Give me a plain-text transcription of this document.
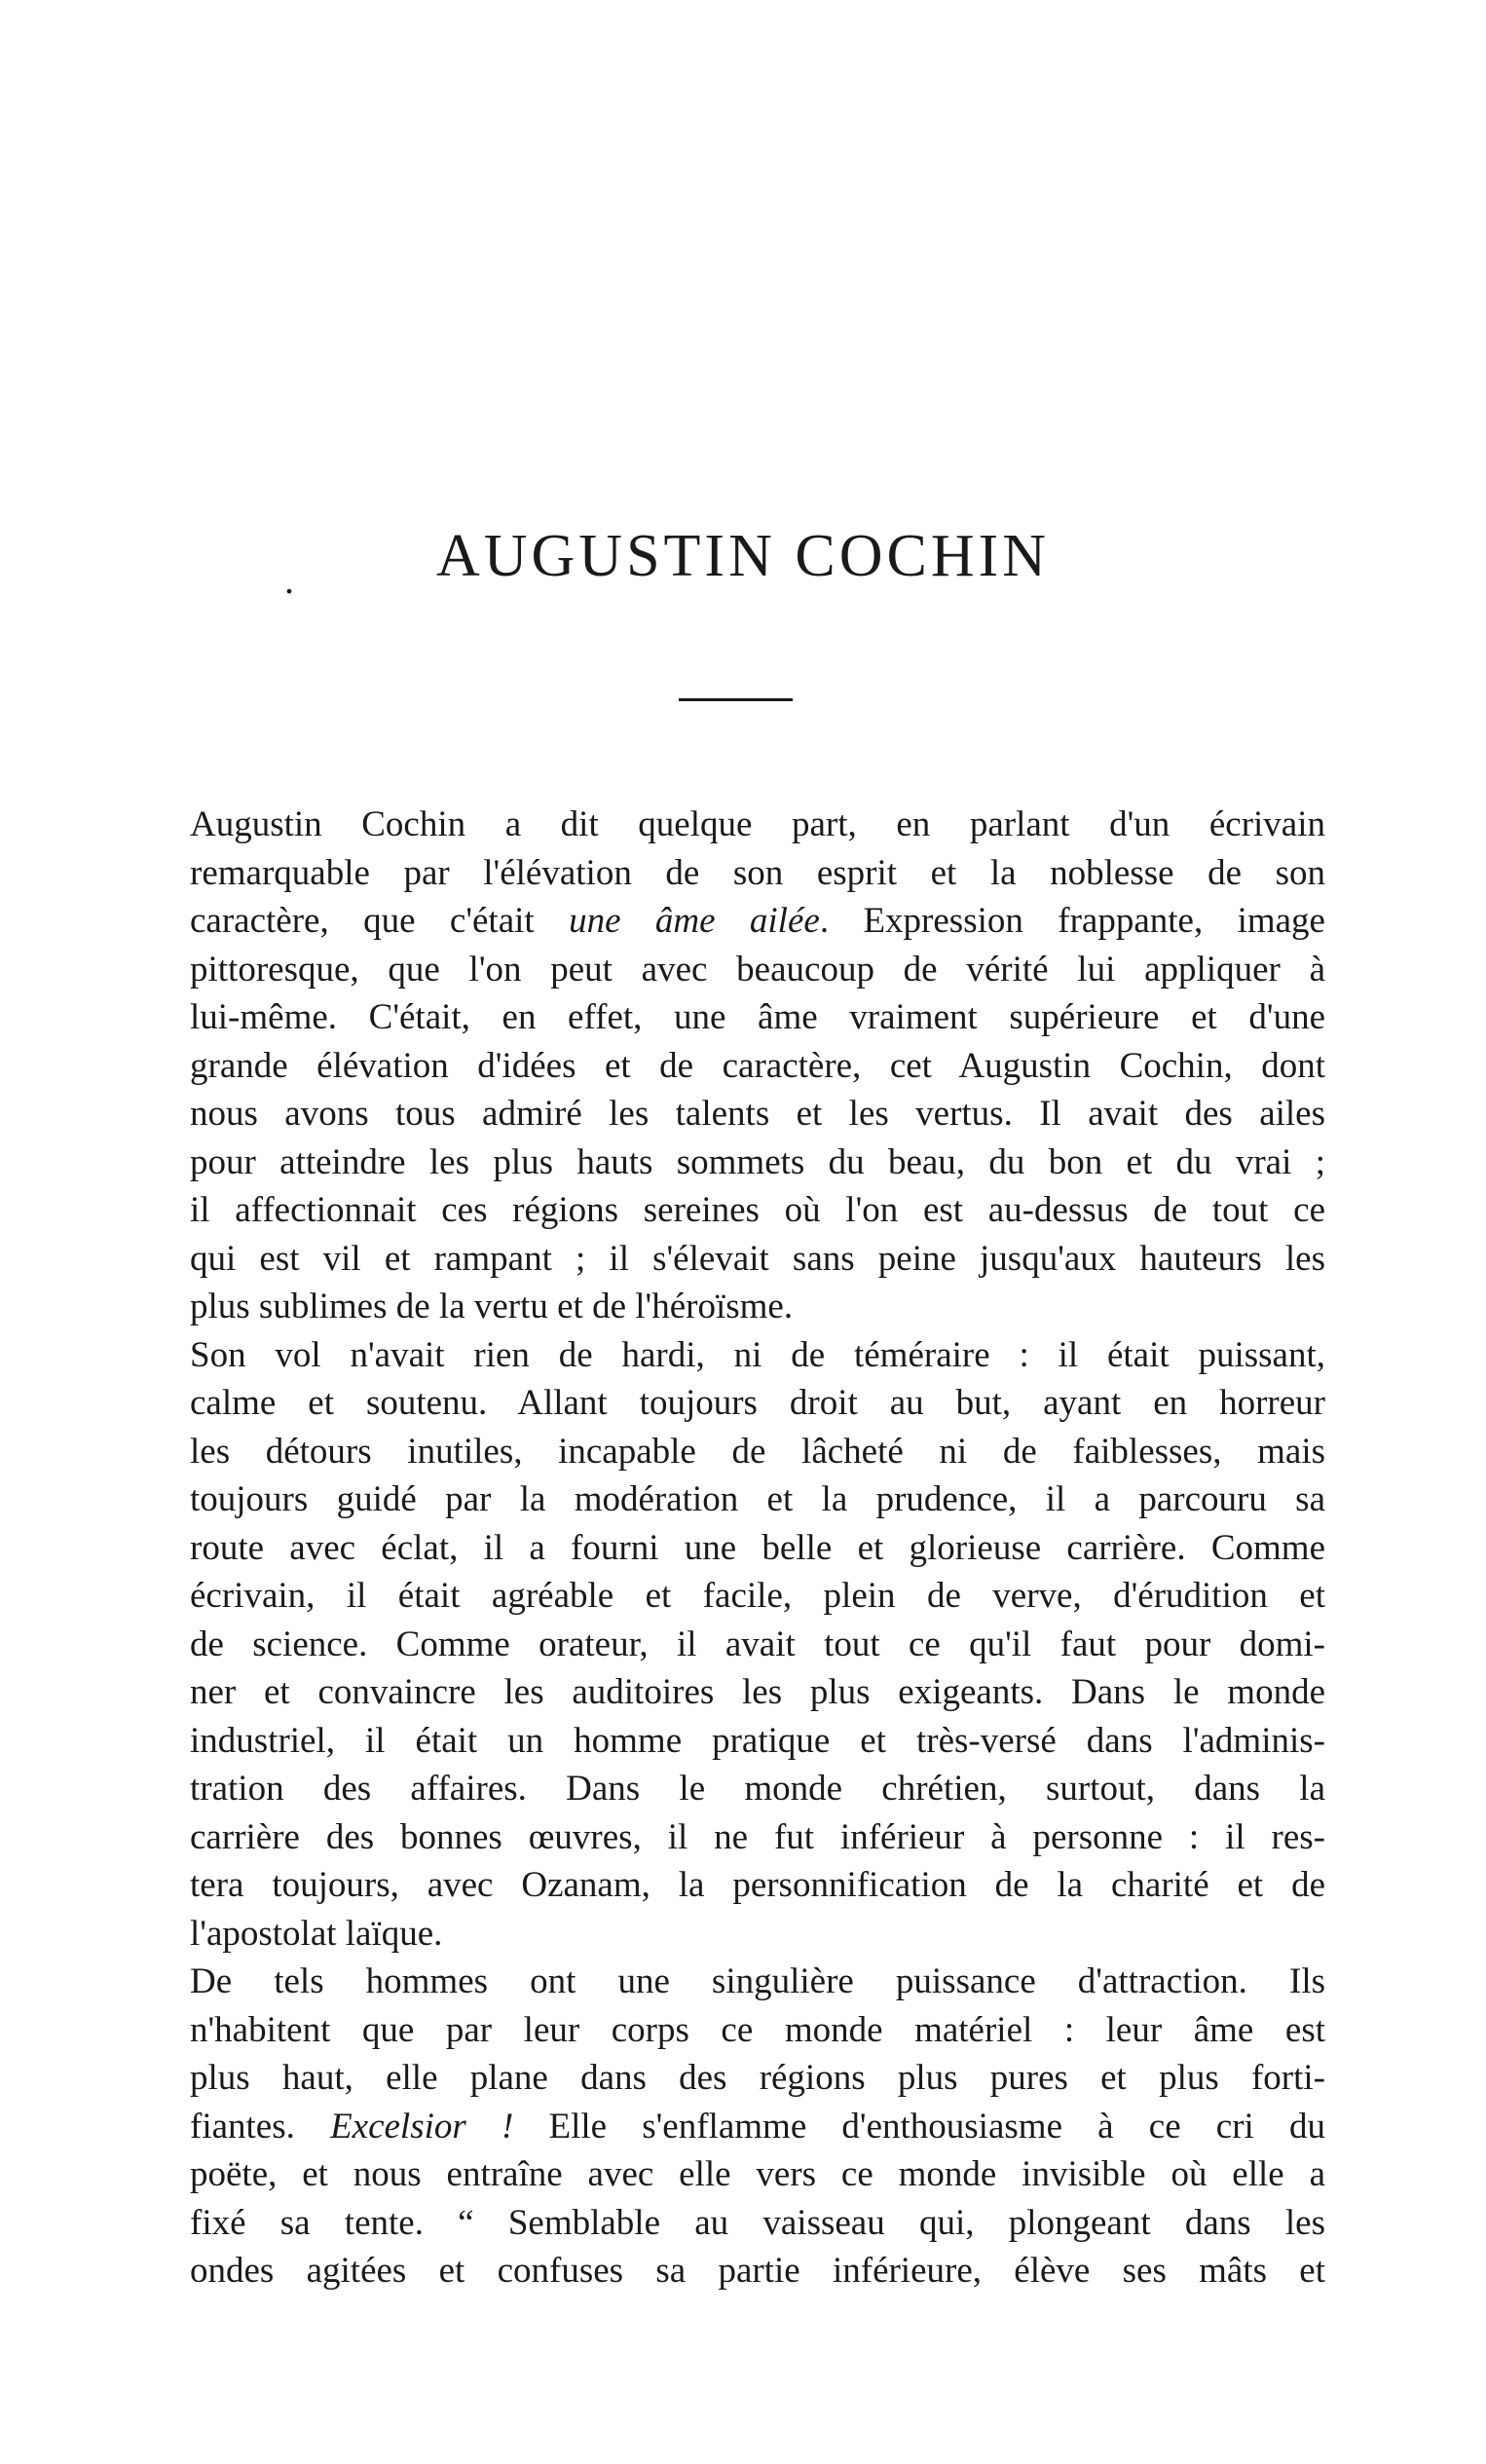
.	AUGUSTIN COCHIN

Augustin Cochin a dit quelque part, en parlant d'un écrivain
remarquable par l'élévation de son esprit et la noblesse de son
caractère, que c'était une âme ailée. Expression frappante, image
pittoresque, que l'on peut avec beaucoup de vérité lui appliquer à
lui-même. C'était, en effet, une âme vraiment supérieure et d'une
grande élévation d'idées et de caractère, cet Augustin Cochin, dont
nous avons tous admiré les talents et les vertus. Il avait des ailes
pour atteindre les plus hauts sommets du beau, du bon et du vrai ;
il affectionnait ces régions sereines où l'on est au-dessus de tout ce
qui est vil et rampant ; il s'élevait sans peine jusqu'aux hauteurs les
plus sublimes de la vertu et de l'héroïsme.

Son vol n'avait rien de hardi, ni de téméraire : il était puissant,
calme et soutenu. Allant toujours droit au but, ayant en horreur
les détours inutiles, incapable de lâcheté ni de faiblesses, mais
toujours guidé par la modération et la prudence, il a parcouru sa
route avec éclat, il a fourni une belle et glorieuse carrière. Comme
écrivain, il était agréable et facile, plein de verve, d'érudition et
de science. Comme orateur, il avait tout ce qu'il faut pour domi-
ner et convaincre les auditoires les plus exigeants. Dans le monde
industriel, il était un homme pratique et très-versé dans l'adminis-
tration des affaires. Dans le monde chrétien, surtout, dans la
carrière des bonnes œuvres, il ne fut inférieur à personne : il res-
tera toujours, avec Ozanam, la personnification de la charité et de
l'apostolat laïque.

De tels hommes ont une singulière puissance d'attraction. Ils
n'habitent que par leur corps ce monde matériel : leur âme est
plus haut, elle plane dans des régions plus pures et plus forti-
fiantes. Excelsior ! Elle s'enflamme d'enthousiasme à ce cri du
poëte, et nous entraîne avec elle vers ce monde invisible où elle a
fixé sa tente. “ Semblable au vaisseau qui, plongeant dans les
ondes agitées et confuses sa partie inférieure, élève ses mâts et
